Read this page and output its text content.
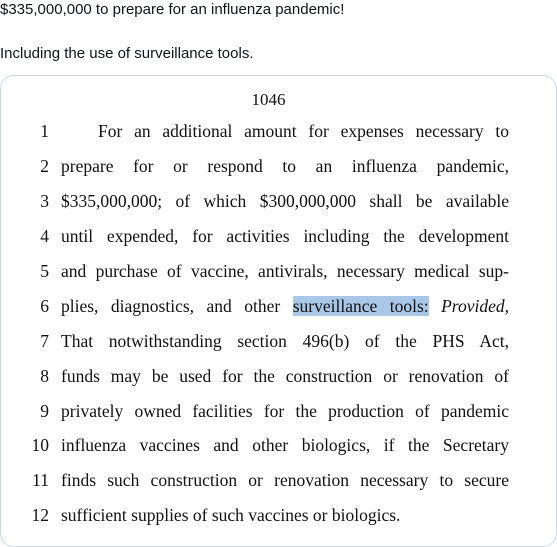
$335,000,000 to prepare for an influenza pandemic!
Including the use of surveillance tools.
1046
1	For an additional amount for expenses necessary to
2 prepare for or respond to an influenza pandemic,
3 $335,000,000; of which $300,000,000 shall be available
4 until expended, for activities including the development
5 and purchase of vaccine, antivirals, necessary medical sup-
6 plies, diagnostics, and other surveillance tools: Provided,
7 That notwithstanding section 496(b) of the PHS Act,
8 funds may be used for the construction or renovation of
9 privately owned facilities for the production of pandemic
10 influenza vaccines and other biologics, if the Secretary
11 finds such construction or renovation necessary to secure
12 sufficient supplies of such vaccines or biologics.
